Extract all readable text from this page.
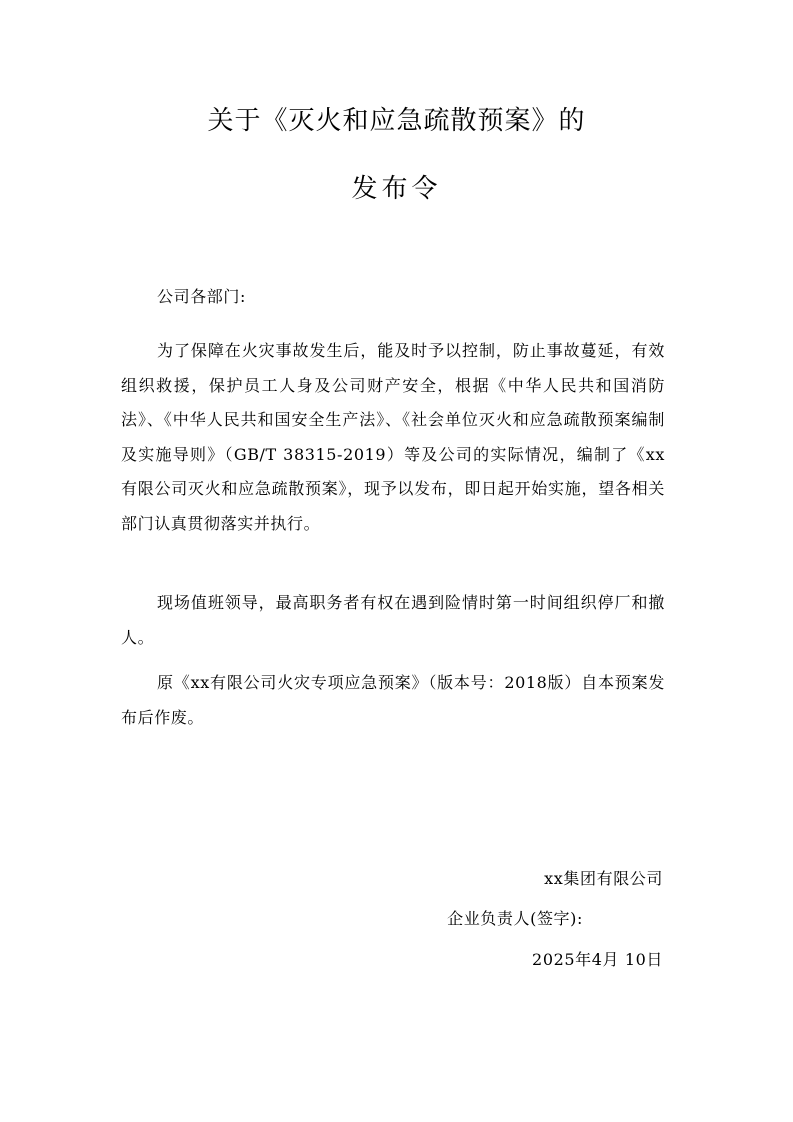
关于《灭火和应急疏散预案》的
发布令
公司各部门:

为了保障在火灾事故发生后，能及时予以控制，防止事故蔓延，有效组织救援，保护员工人身及公司财产安全，根据《中华人民共和国消防法》、《中华人民共和国安全生产法》、《社会单位灭火和应急疏散预案编制及实施导则》（GB/T 38315-2019）等及公司的实际情况，编制了《xx有限公司灭火和应急疏散预案》，现予以发布，即日起开始实施，望各相关部门认真贯彻落实并执行。

现场值班领导，最高职务者有权在遇到险情时第一时间组织停厂和撤人。

原《xx有限公司火灾专项应急预案》（版本号：2018版）自本预案发布后作废。

xx集团有限公司
企业负责人(签字):
2025年4月 10日
